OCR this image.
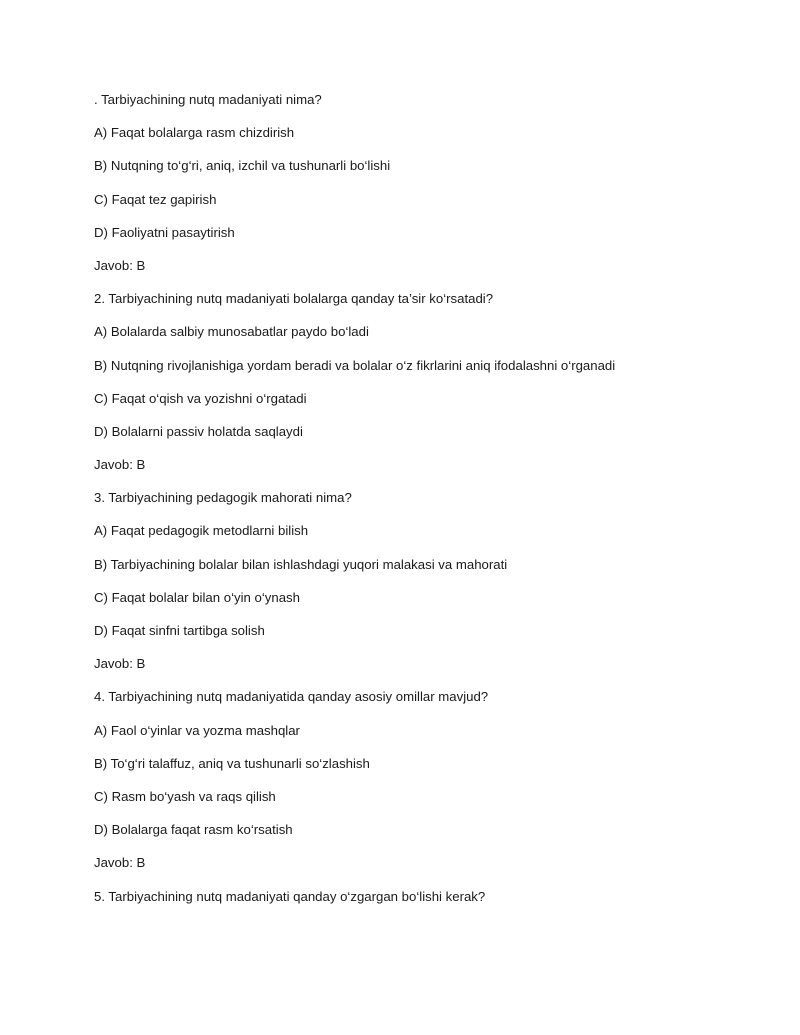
. Tarbiyachining nutq madaniyati nima?
A) Faqat bolalarga rasm chizdirish
B) Nutqning to‘g‘ri, aniq, izchil va tushunarli bo‘lishi
C) Faqat tez gapirish
D) Faoliyatni pasaytirish
Javob: B
2. Tarbiyachining nutq madaniyati bolalarga qanday ta’sir ko‘rsatadi?
A) Bolalarda salbiy munosabatlar paydo bo‘ladi
B) Nutqning rivojlanishiga yordam beradi va bolalar o‘z fikrlarini aniq ifodalashni o‘rganadi
C) Faqat o‘qish va yozishni o‘rgatadi
D) Bolalarni passiv holatda saqlaydi
Javob: B
3. Tarbiyachining pedagogik mahorati nima?
A) Faqat pedagogik metodlarni bilish
B) Tarbiyachining bolalar bilan ishlashdagi yuqori malakasi va mahorati
C) Faqat bolalar bilan o‘yin o‘ynash
D) Faqat sinfni tartibga solish
Javob: B
4. Tarbiyachining nutq madaniyatida qanday asosiy omillar mavjud?
A) Faol o‘yinlar va yozma mashqlar
B) To‘g‘ri talaffuz, aniq va tushunarli so‘zlashish
C) Rasm bo‘yash va raqs qilish
D) Bolalarga faqat rasm ko‘rsatish
Javob: B
5. Tarbiyachining nutq madaniyati qanday o‘zgargan bo‘lishi kerak?
